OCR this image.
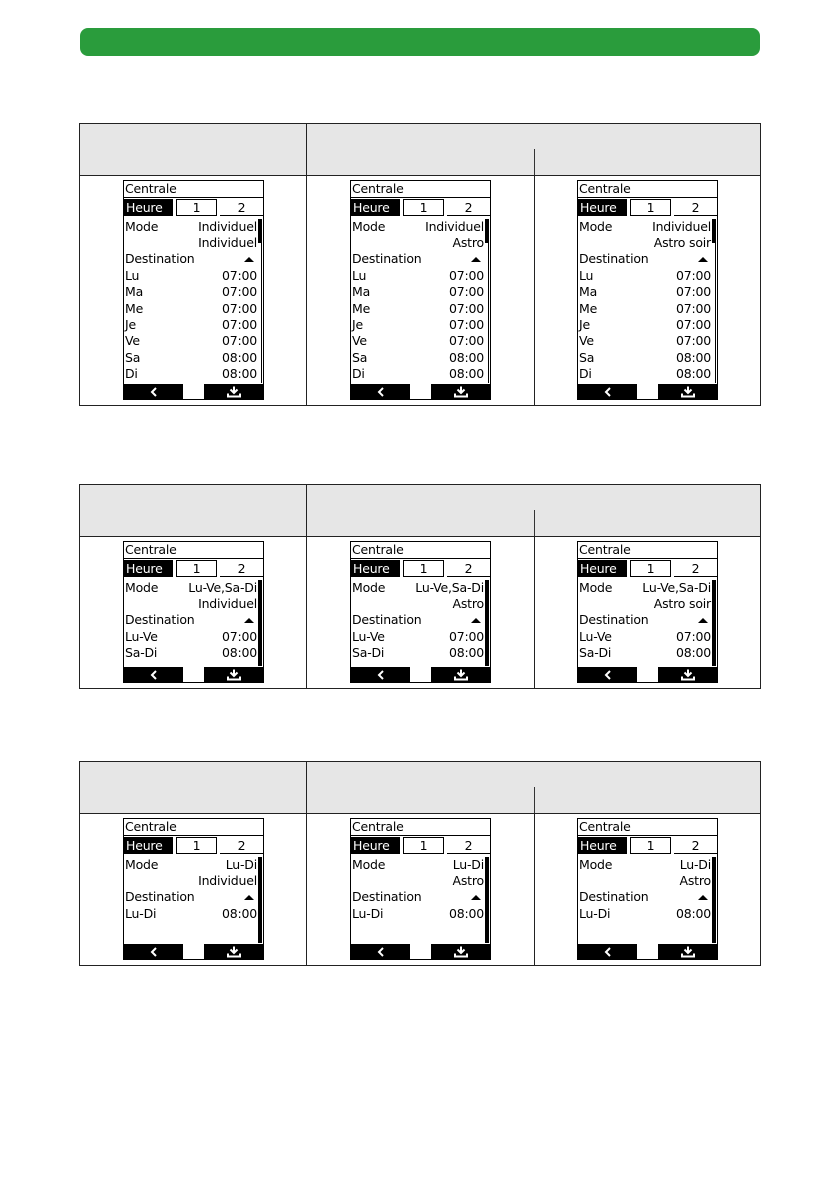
Centrale
Heure	1	2
Mode	Individuel
Individuel
Destination
Lu	07:00
Ma	07:00
Me	07:00
Je	07:00
Ve	07:00
Sa	08:00
Di	08:00
Centrale
Heure	1	2
Mode	Individuel
Astro
Destination
Lu	07:00
Ma	07:00
Me	07:00
Je	07:00
Ve	07:00
Sa	08:00
Di	08:00
Centrale
Heure	1	2
Mode	Individuel
Astro soir
Destination
Lu	07:00
Ma	07:00
Me	07:00
Je	07:00
Ve	07:00
Sa	08:00
Di	08:00
Centrale
Heure	1	2
Mode Lu-Ve,Sa-Di
Individuel
Destination
Lu-Ve	07:00
Sa-Di	08:00
Centrale
Heure	1	2
Mode Lu-Ve,Sa-Di
Astro
Destination
Lu-Ve	07:00
Sa-Di	08:00
Centrale
Heure	1	2
Mode Lu-Ve,Sa-Di
Astro soir
Destination
Lu-Ve	07:00
Sa-Di	08:00
Centrale
Heure	1	2
Mode	Lu-Di
Individuel
Destination
Lu-Di	08:00
Centrale
Heure	1	2
Mode	Lu-Di
Astro
Destination
Lu-Di	08:00
Centrale
Heure	1	2
Mode	Lu-Di
Astro
Destination
Lu-Di	08:00
